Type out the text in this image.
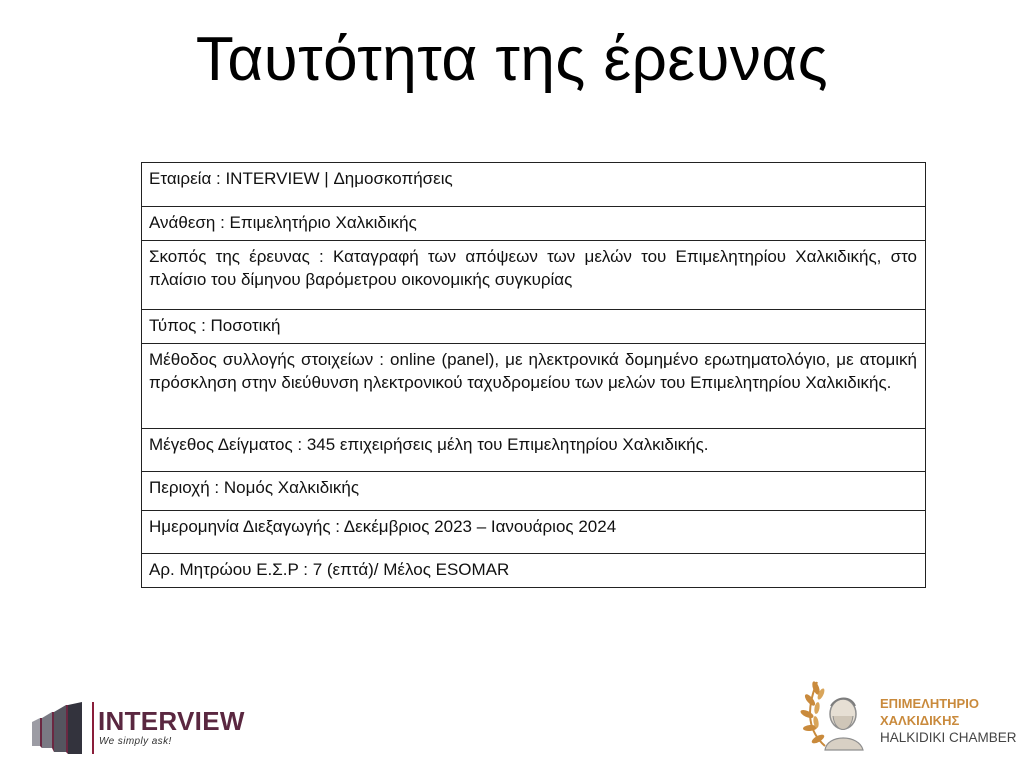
Ταυτότητα της έρευνας
Εταιρεία : INTERVIEW | Δημοσκοπήσεις
Ανάθεση : Επιμελητήριο Χαλκιδικής
Σκοπός της έρευνας : Καταγραφή των απόψεων των μελών του Επιμελητηρίου Χαλκιδικής, στο πλαίσιο του δίμηνου βαρόμετρου οικονομικής συγκυρίας
Τύπος : Ποσοτική
Μέθοδος συλλογής στοιχείων : online (panel), με ηλεκτρονικά δομημένο ερωτηματολόγιο, με ατομική πρόσκληση στην διεύθυνση ηλεκτρονικού ταχυδρομείου των μελών του Επιμελητηρίου Χαλκιδικής.
Μέγεθος Δείγματος : 345 επιχειρήσεις μέλη του Επιμελητηρίου Χαλκιδικής.
Περιοχή : Νομός Χαλκιδικής
Ημερομηνία Διεξαγωγής : Δεκέμβριος 2023 – Ιανουάριος 2024
Αρ. Μητρώου Ε.Σ.Ρ : 7 (επτά)/ Μέλος ESOMAR
INTERVIEW
We simply ask!
ΕΠΙΜΕΛΗΤΗΡΙΟ
ΧΑΛΚΙΔΙΚΗΣ
HALKIDIKI CHAMBER
